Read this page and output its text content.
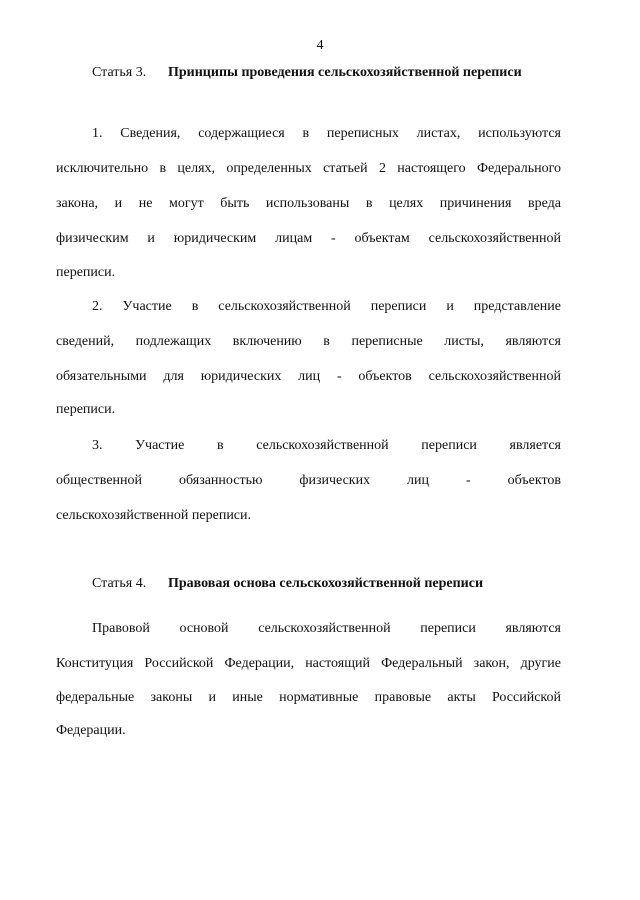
4
Статья 3. Принципы проведения сельскохозяйственной переписи
1. Сведения, содержащиеся в переписных листах, используются
исключительно в целях, определенных статьей 2 настоящего Федерального
закона, и не могут быть использованы в целях причинения вреда
физическим и юридическим лицам - объектам сельскохозяйственной
переписи.
2. Участие в сельскохозяйственной переписи и представление
сведений, подлежащих включению в переписные листы, являются
обязательными для юридических лиц - объектов сельскохозяйственной
переписи.
3. Участие в сельскохозяйственной переписи является
общественной обязанностью физических лиц - объектов
сельскохозяйственной переписи.
Статья 4. Правовая основа сельскохозяйственной переписи
Правовой основой сельскохозяйственной переписи являются
Конституция Российской Федерации, настоящий Федеральный закон, другие
федеральные законы и иные нормативные правовые акты Российской
Федерации.
